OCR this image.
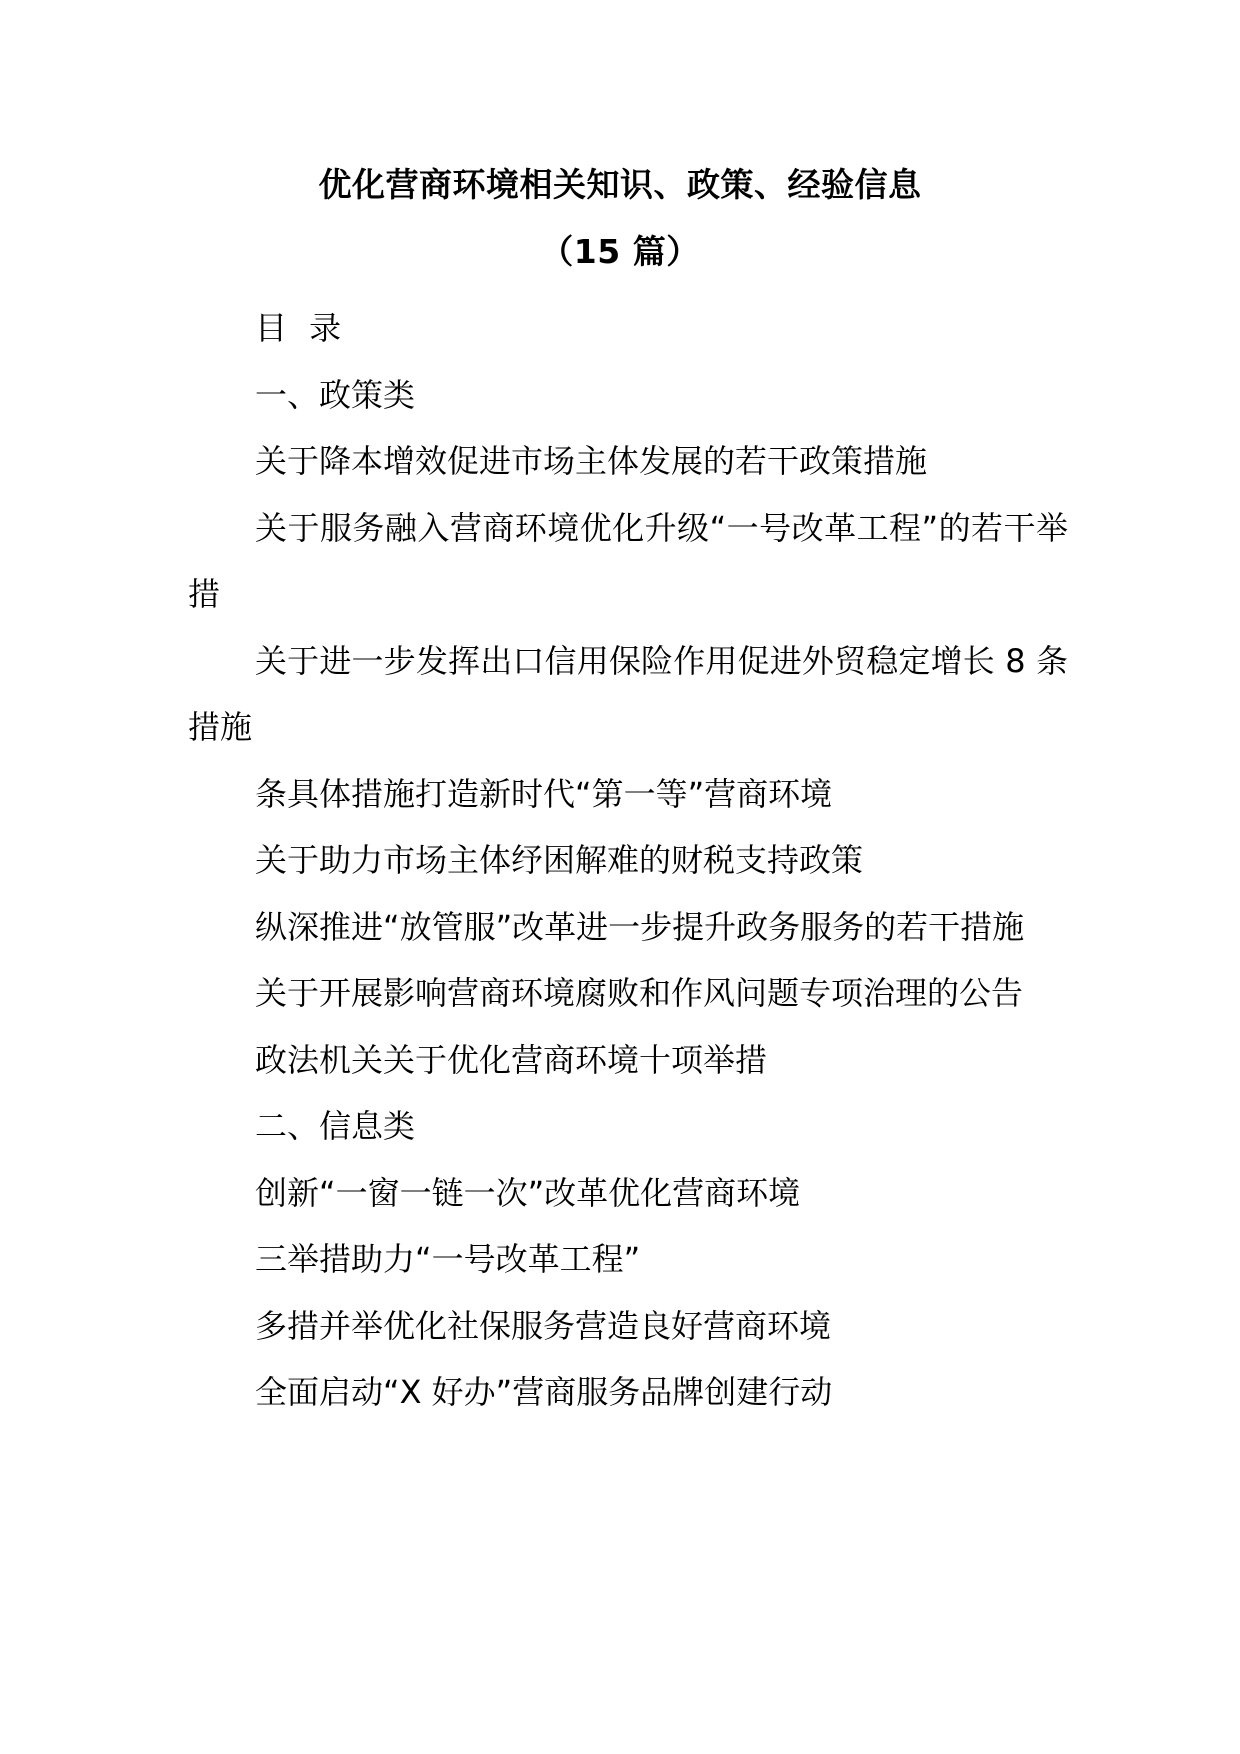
优化营商环境相关知识、政策、经验信息
（15 篇）

目 录

一、政策类

关于降本增效促进市场主体发展的若干政策措施

关于服务融入营商环境优化升级“一号改革工程”的若干举措

关于进一步发挥出口信用保险作用促进外贸稳定增长 8 条措施

条具体措施打造新时代“第一等”营商环境

关于助力市场主体纾困解难的财税支持政策

纵深推进“放管服”改革进一步提升政务服务的若干措施

关于开展影响营商环境腐败和作风问题专项治理的公告

政法机关关于优化营商环境十项举措

二、信息类

创新“一窗一链一次”改革优化营商环境

三举措助力“一号改革工程”

多措并举优化社保服务营造良好营商环境

全面启动“X 好办”营商服务品牌创建行动
